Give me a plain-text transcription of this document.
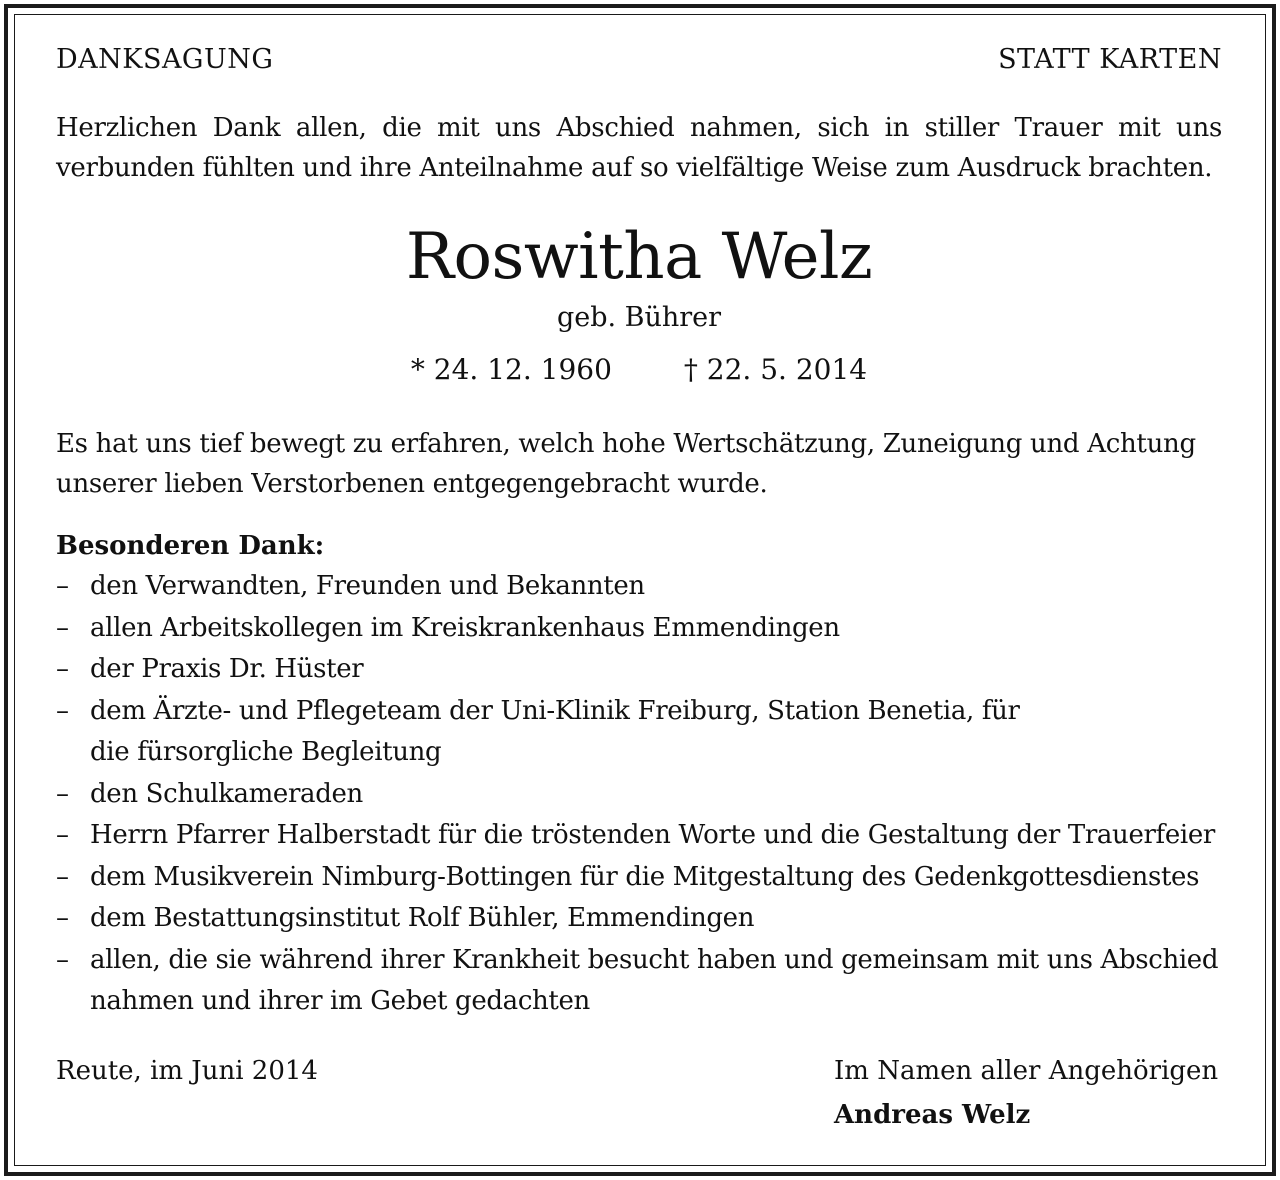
DANKSAGUNG	STATT KARTEN
Herzlichen Dank allen, die mit uns Abschied nahmen, sich in stiller Trauer mit uns verbunden fühlten und ihre Anteilnahme auf so vielfältige Weise zum Ausdruck brachten.
Roswitha Welz
geb. Bührer
* 24. 12. 1960	† 22. 5. 2014
Es hat uns tief bewegt zu erfahren, welch hohe Wertschätzung, Zuneigung und Achtung unserer lieben Verstorbenen entgegengebracht wurde.
Besonderen Dank:
– den Verwandten, Freunden und Bekannten
– allen Arbeitskollegen im Kreiskrankenhaus Emmendingen
– der Praxis Dr. Hüster
– dem Ärzte- und Pflegeteam der Uni-Klinik Freiburg, Station Benetia, für die fürsorgliche Begleitung
– den Schulkameraden
– Herrn Pfarrer Halberstadt für die tröstenden Worte und die Gestaltung der Trauerfeier
– dem Musikverein Nimburg-Bottingen für die Mitgestaltung des Gedenkgottesdienstes
– dem Bestattungsinstitut Rolf Bühler, Emmendingen
– allen, die sie während ihrer Krankheit besucht haben und gemeinsam mit uns Abschied nahmen und ihrer im Gebet gedachten
Reute, im Juni 2014	Im Namen aller Angehörigen
Andreas Welz
